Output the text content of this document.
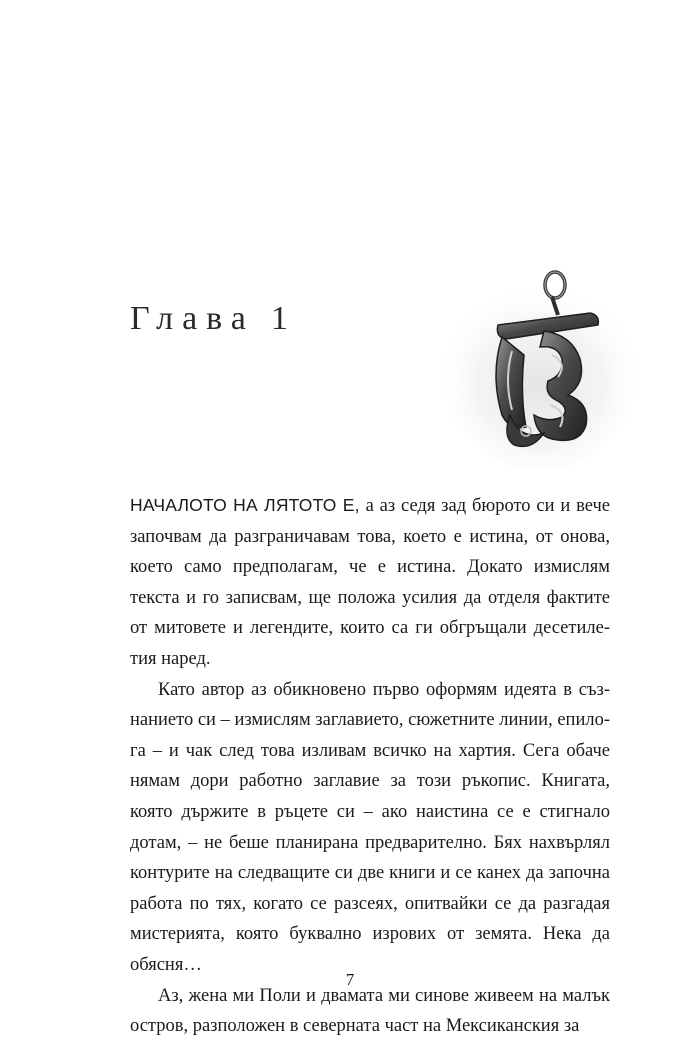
Глава 1

НАЧАЛОТО НА ЛЯТОТО Е, а аз седя зад бюрото си и вече започвам да разграничавам това, което е истина, от онова, което само предполагам, че е истина. Докато измислям текста и го записвам, ще положа усилия да отделя фактите от митовете и легендите, които са ги обгръщали десетилетия наред.

Като автор аз обикновено първо оформям идеята в съзнанието си – измислям заглавието, сюжетните линии, епилога – и чак след това изливам всичко на хартия. Сега обаче нямам дори работно заглавие за този ръкопис. Книгата, която държите в ръцете си – ако наистина се е стигнало дотам, – не беше планирана предварително. Бях нахвърлял контурите на следващите си две книги и се канех да започна работа по тях, когато се разсеях, опитвайки се да разгадая мистерията, която буквално изрових от земята. Нека да обясня…

Аз, жена ми Поли и двамата ми синове живеем на малък остров, разположен в северната част на Мексиканския за

7
